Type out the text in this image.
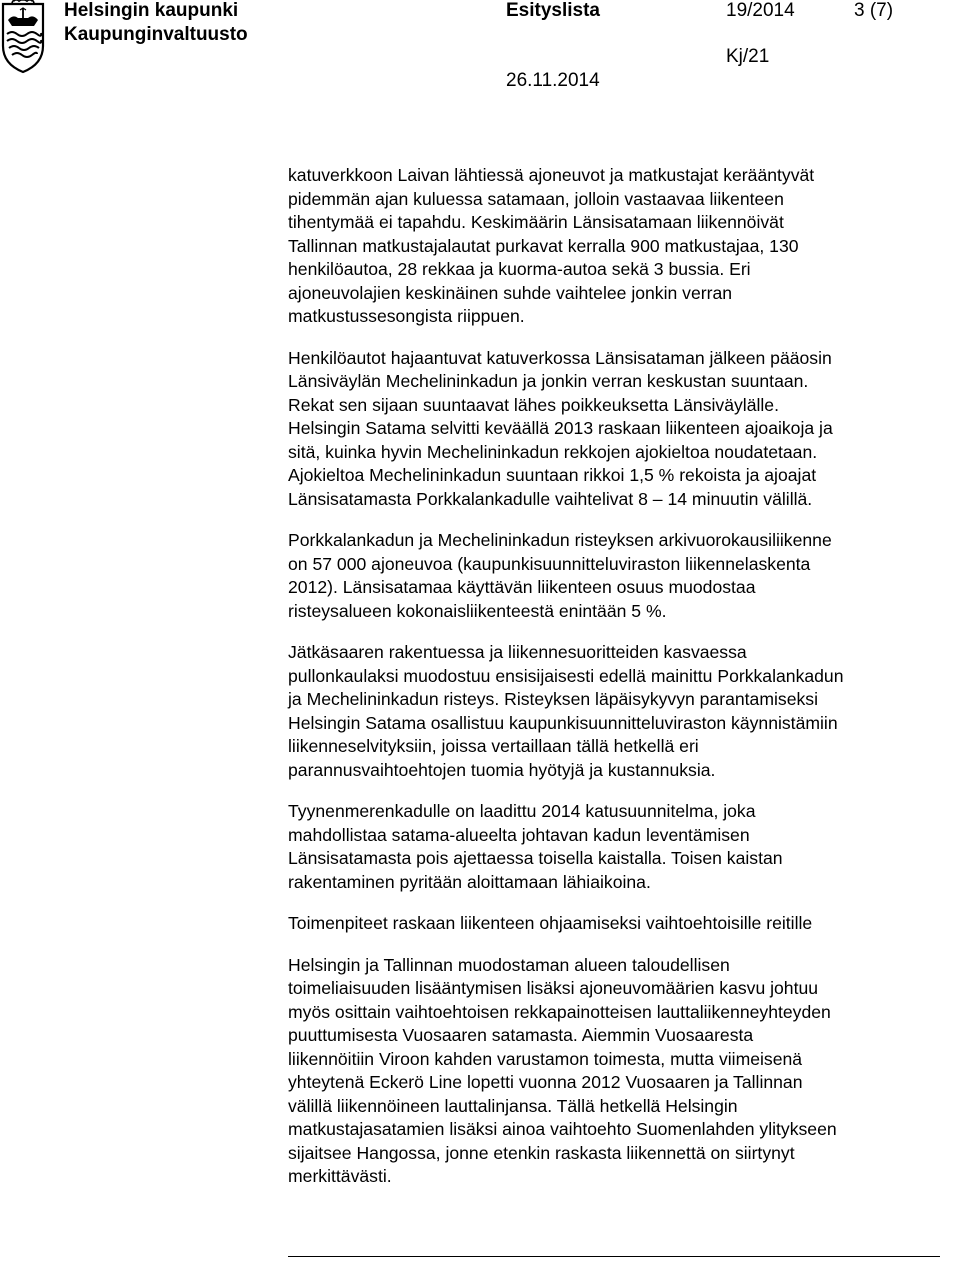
Helsingin kaupunki
Kaupunginvaltuusto
Esityslista	19/2014	3 (7)
Kj/21
26.11.2014

katuverkkoon Laivan lähtiessä ajoneuvot ja matkustajat kerääntyvät
pidemmän ajan kuluessa satamaan, jolloin vastaavaa liikenteen
tihentymää ei tapahdu. Keskimäärin Länsisatamaan liikennöivät
Tallinnan matkustajalautat purkavat kerralla 900 matkustajaa, 130
henkilöautoa, 28 rekkaa ja kuorma-autoa sekä 3 bussia. Eri
ajoneuvolajien keskinäinen suhde vaihtelee jonkin verran
matkustussesongista riippuen.

Henkilöautot hajaantuvat katuverkossa Länsisataman jälkeen pääosin
Länsiväylän Mechelininkadun ja jonkin verran keskustan suuntaan.
Rekat sen sijaan suuntaavat lähes poikkeuksetta Länsiväylälle.
Helsingin Satama selvitti keväällä 2013 raskaan liikenteen ajoaikoja ja
sitä, kuinka hyvin Mechelininkadun rekkojen ajokieltoa noudatetaan.
Ajokieltoa Mechelininkadun suuntaan rikkoi 1,5 % rekoista ja ajoajat
Länsisatamasta Porkkalankadulle vaihtelivat 8 – 14 minuutin välillä.

Porkkalankadun ja Mechelininkadun risteyksen arkivuorokausiliikenne
on 57 000 ajoneuvoa (kaupunkisuunnitteluviraston liikennelaskenta
2012). Länsisatamaa käyttävän liikenteen osuus muodostaa
risteysalueen kokonaisliikenteestä enintään 5 %.

Jätkäsaaren rakentuessa ja liikennesuoritteiden kasvaessa
pullonkaulaksi muodostuu ensisijaisesti edellä mainittu Porkkalankadun
ja Mechelininkadun risteys. Risteyksen läpäisykyvyn parantamiseksi
Helsingin Satama osallistuu kaupunkisuunnitteluviraston käynnistämiin
liikenneselvityksiin, joissa vertaillaan tällä hetkellä eri
parannusvaihtoehtojen tuomia hyötyjä ja kustannuksia.

Tyynenmerenkadulle on laadittu 2014 katusuunnitelma, joka
mahdollistaa satama-alueelta johtavan kadun leventämisen
Länsisatamasta pois ajettaessa toisella kaistalla. Toisen kaistan
rakentaminen pyritään aloittamaan lähiaikoina.

Toimenpiteet raskaan liikenteen ohjaamiseksi vaihtoehtoisille reitille

Helsingin ja Tallinnan muodostaman alueen taloudellisen
toimeliaisuuden lisääntymisen lisäksi ajoneuvomäärien kasvu johtuu
myös osittain vaihtoehtoisen rekkapainotteisen lauttaliikenneyhteyden
puuttumisesta Vuosaaren satamasta. Aiemmin Vuosaaresta
liikennöitiin Viroon kahden varustamon toimesta, mutta viimeisenä
yhteytenä Eckerö Line lopetti vuonna 2012 Vuosaaren ja Tallinnan
välillä liikennöineen lauttalinjansa. Tällä hetkellä Helsingin
matkustajasatamien lisäksi ainoa vaihtoehto Suomenlahden ylitykseen
sijaitsee Hangossa, jonne etenkin raskasta liikennettä on siirtynyt
merkittävästi.
